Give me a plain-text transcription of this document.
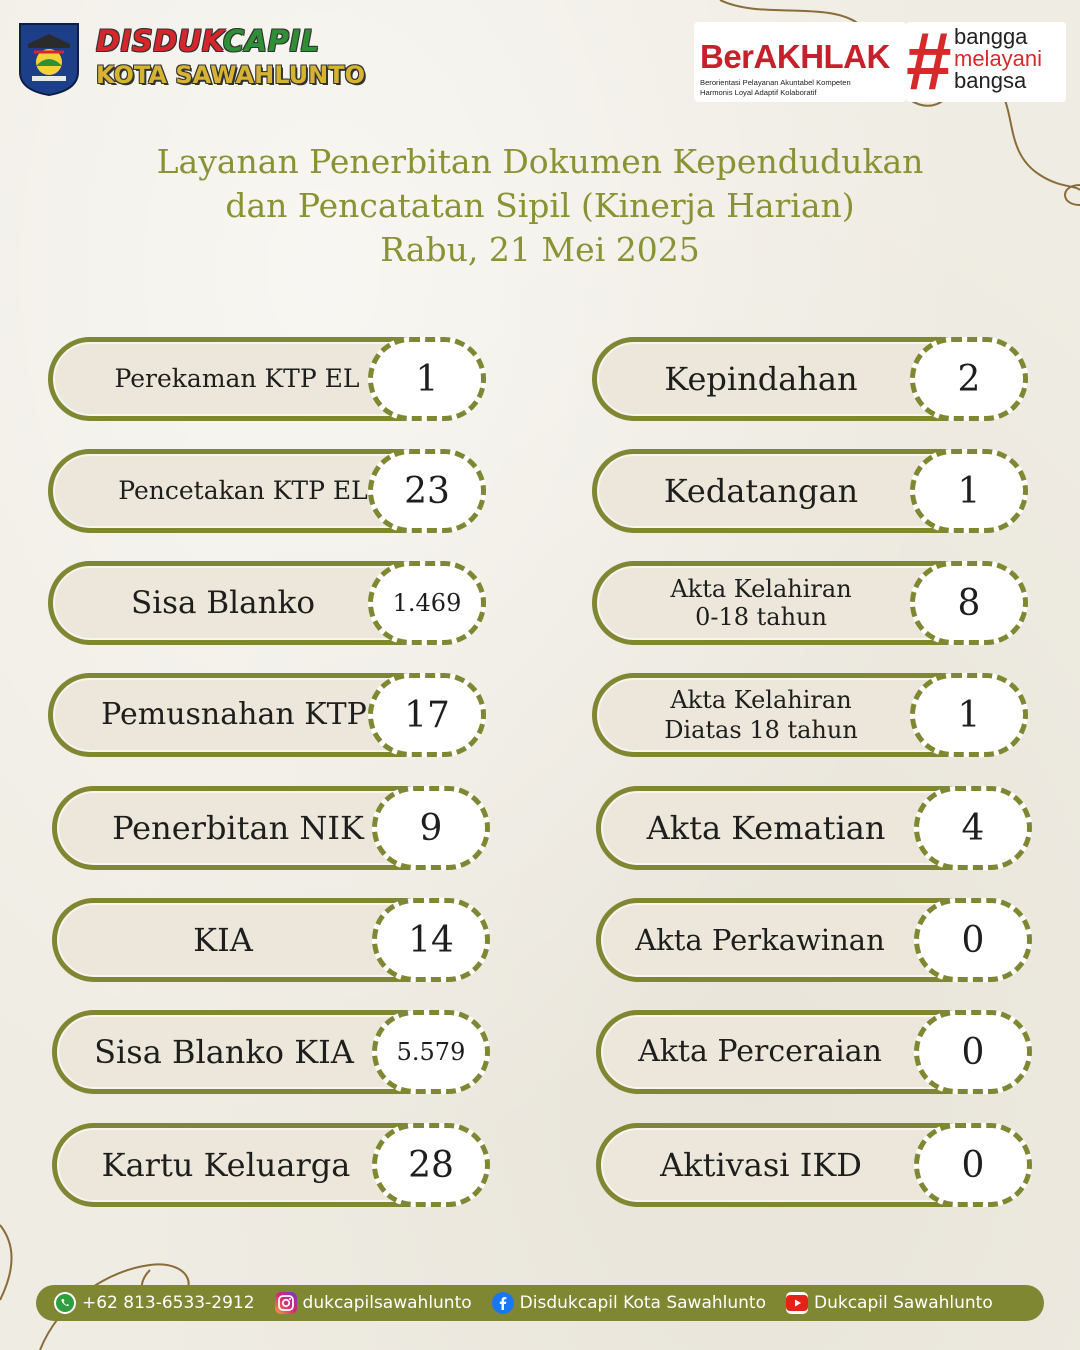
DISDUKCAPIL
KOTA SAWAHLUNTO	BerAKHLAK
Berorientasi Pelayanan Akuntabel Kompeten
Harmonis Loyal Adaptif Kolaboratif	# bangga
melayani
bangsa
Layanan Penerbitan Dokumen Kependudukan
dan Pencatatan Sipil (Kinerja Harian)
Rabu, 21 Mei 2025
Perekaman KTP EL	1
Pencetakan KTP EL	23
Sisa Blanko	1.469
Pemusnahan KTP	17
Penerbitan NIK	9
KIA	14
Sisa Blanko KIA	5.579
Kartu Keluarga	28
Kepindahan	2
Kedatangan	1
Akta Kelahiran
0-18 tahun	8
Akta Kelahiran
Diatas 18 tahun	1
Akta Kematian	4
Akta Perkawinan	0
Akta Perceraian	0
Aktivasi IKD	0
+62 813-6533-2912	dukcapilsawahlunto	Disdukcapil Kota Sawahlunto	Dukcapil Sawahlunto
